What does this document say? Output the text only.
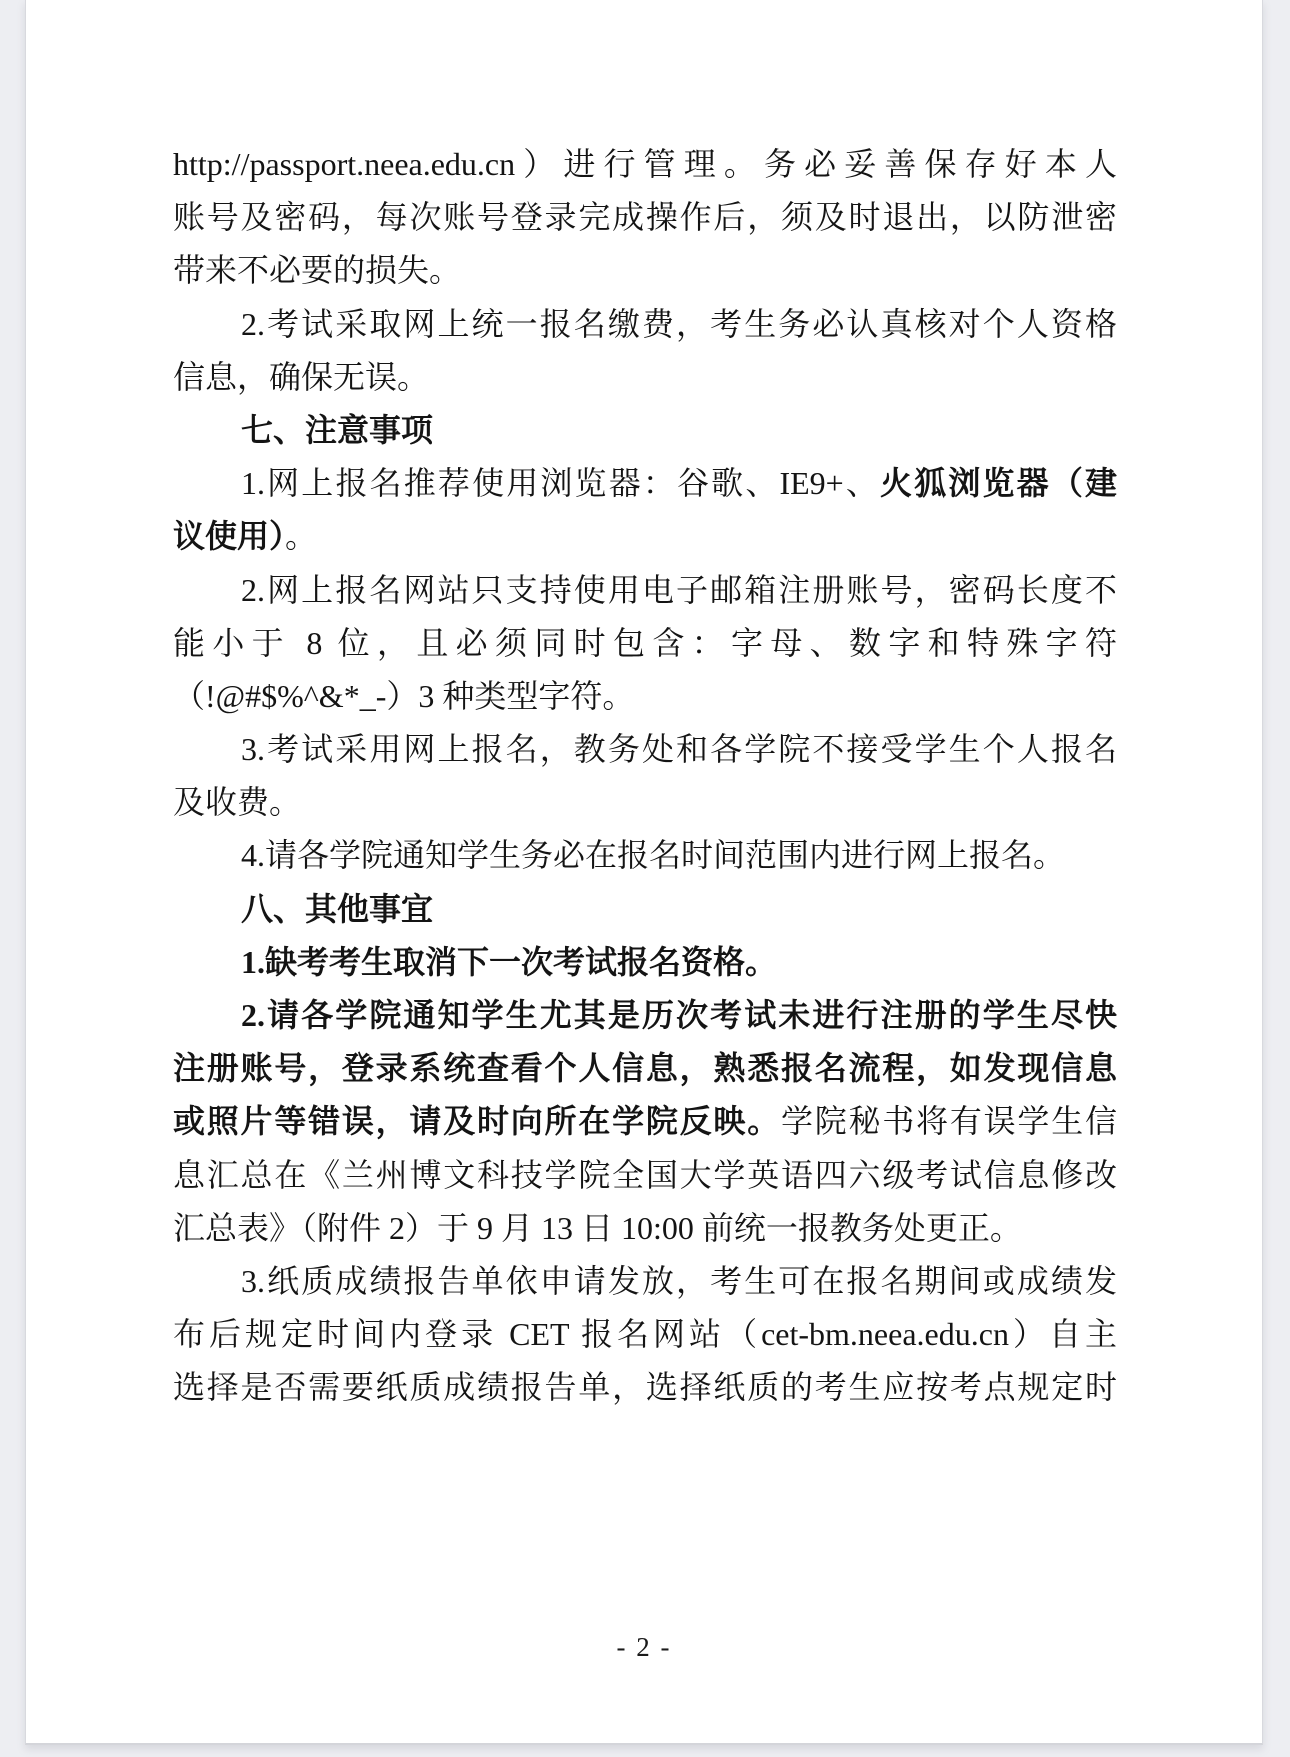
http://passport.neea.edu.cn）进行管理。务必妥善保存好本人
账号及密码，每次账号登录完成操作后，须及时退出，以防泄密
带来不必要的损失。
2.考试采取网上统一报名缴费，考生务必认真核对个人资格
信息，确保无误。
七、注意事项
1.网上报名推荐使用浏览器：谷歌、IE9+、火狐浏览器（建
议使用）。
2.网上报名网站只支持使用电子邮箱注册账号，密码长度不
能小于 8 位，且必须同时包含：字母、数字和特殊字符
（!@#$%^&*_-）3 种类型字符。
3.考试采用网上报名，教务处和各学院不接受学生个人报名
及收费。
4.请各学院通知学生务必在报名时间范围内进行网上报名。
八、其他事宜
1.缺考考生取消下一次考试报名资格。
2.请各学院通知学生尤其是历次考试未进行注册的学生尽快
注册账号，登录系统查看个人信息，熟悉报名流程，如发现信息
或照片等错误，请及时向所在学院反映。学院秘书将有误学生信
息汇总在《兰州博文科技学院全国大学英语四六级考试信息修改
汇总表》（附件 2）于 9 月 13 日 10:00 前统一报教务处更正。
3.纸质成绩报告单依申请发放，考生可在报名期间或成绩发
布后规定时间内登录 CET 报名网站（cet-bm.neea.edu.cn）自主
选择是否需要纸质成绩报告单，选择纸质的考生应按考点规定时
- 2 -
